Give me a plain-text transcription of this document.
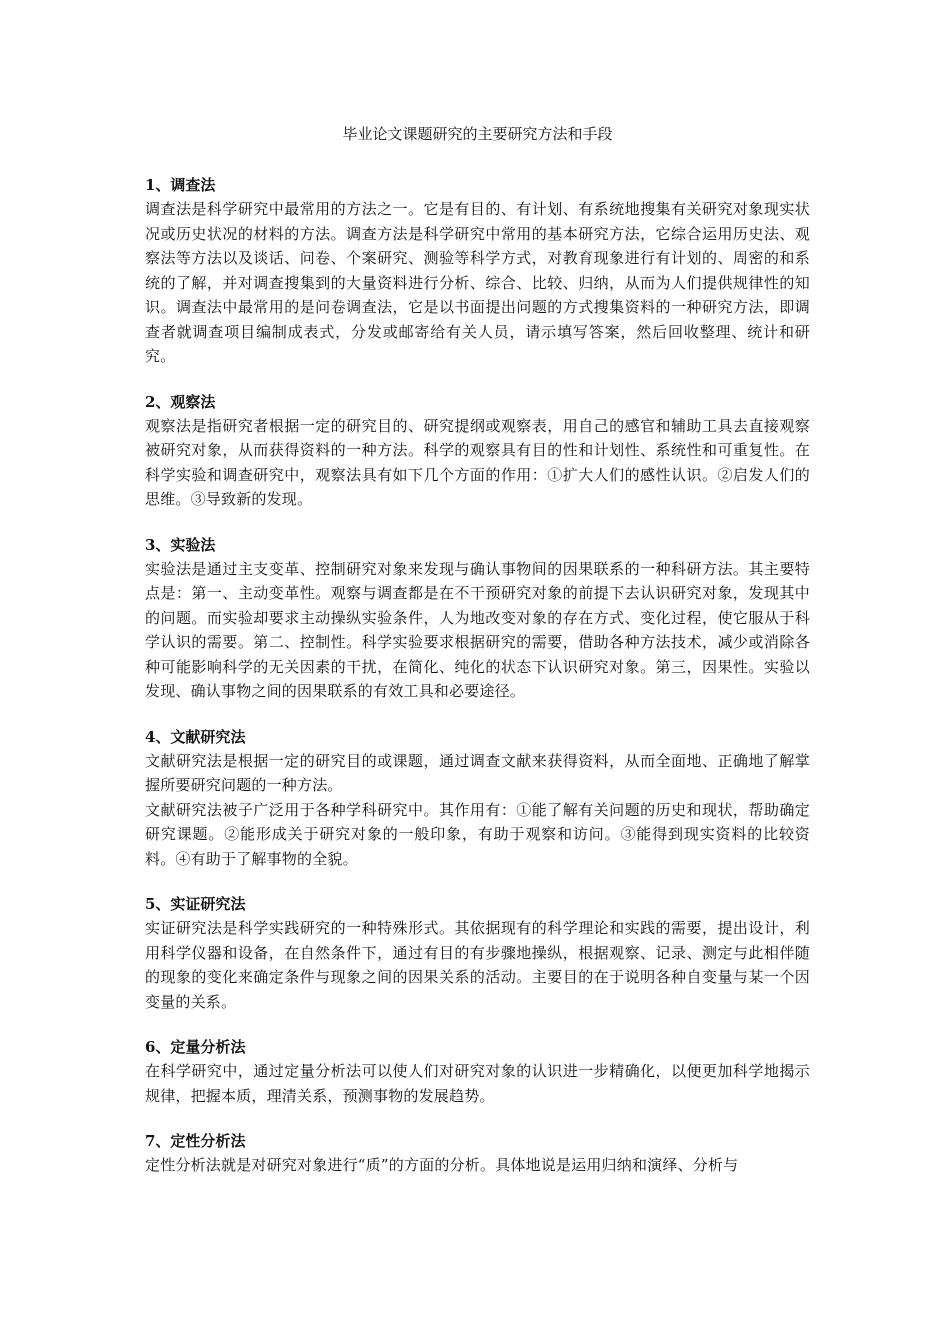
毕业论文课题研究的主要研究方法和手段

1、调查法

调查法是科学研究中最常用的方法之一。它是有目的、有计划、有系统地搜集有关研究对象现实状况或历史状况的材料的方法。调查方法是科学研究中常用的基本研究方法，它综合运用历史法、观察法等方法以及谈话、问卷、个案研究、测验等科学方式，对教育现象进行有计划的、周密的和系统的了解，并对调查搜集到的大量资料进行分析、综合、比较、归纳，从而为人们提供规律性的知识。调查法中最常用的是问卷调查法，它是以书面提出问题的方式搜集资料的一种研究方法，即调查者就调查项目编制成表式，分发或邮寄给有关人员，请示填写答案，然后回收整理、统计和研究。

2、观察法

观察法是指研究者根据一定的研究目的、研究提纲或观察表，用自己的感官和辅助工具去直接观察被研究对象，从而获得资料的一种方法。科学的观察具有目的性和计划性、系统性和可重复性。在科学实验和调查研究中，观察法具有如下几个方面的作用：①扩大人们的感性认识。②启发人们的思维。③导致新的发现。

3、实验法

实验法是通过主支变革、控制研究对象来发现与确认事物间的因果联系的一种科研方法。其主要特点是：第一、主动变革性。观察与调查都是在不干预研究对象的前提下去认识研究对象，发现其中的问题。而实验却要求主动操纵实验条件，人为地改变对象的存在方式、变化过程，使它服从于科学认识的需要。第二、控制性。科学实验要求根据研究的需要，借助各种方法技术，减少或消除各种可能影响科学的无关因素的干扰，在简化、纯化的状态下认识研究对象。第三，因果性。实验以发现、确认事物之间的因果联系的有效工具和必要途径。

4、文献研究法

文献研究法是根据一定的研究目的或课题，通过调查文献来获得资料，从而全面地、正确地了解掌握所要研究问题的一种方法。

文献研究法被子广泛用于各种学科研究中。其作用有：①能了解有关问题的历史和现状，帮助确定研究课题。②能形成关于研究对象的一般印象，有助于观察和访问。③能得到现实资料的比较资料。④有助于了解事物的全貌。

5、实证研究法

实证研究法是科学实践研究的一种特殊形式。其依据现有的科学理论和实践的需要，提出设计，利用科学仪器和设备，在自然条件下，通过有目的有步骤地操纵，根据观察、记录、测定与此相伴随的现象的变化来确定条件与现象之间的因果关系的活动。主要目的在于说明各种自变量与某一个因变量的关系。

6、定量分析法

在科学研究中，通过定量分析法可以使人们对研究对象的认识进一步精确化，以便更加科学地揭示规律，把握本质，理清关系，预测事物的发展趋势。

7、定性分析法

定性分析法就是对研究对象进行“质”的方面的分析。具体地说是运用归纳和演绎、分析与
